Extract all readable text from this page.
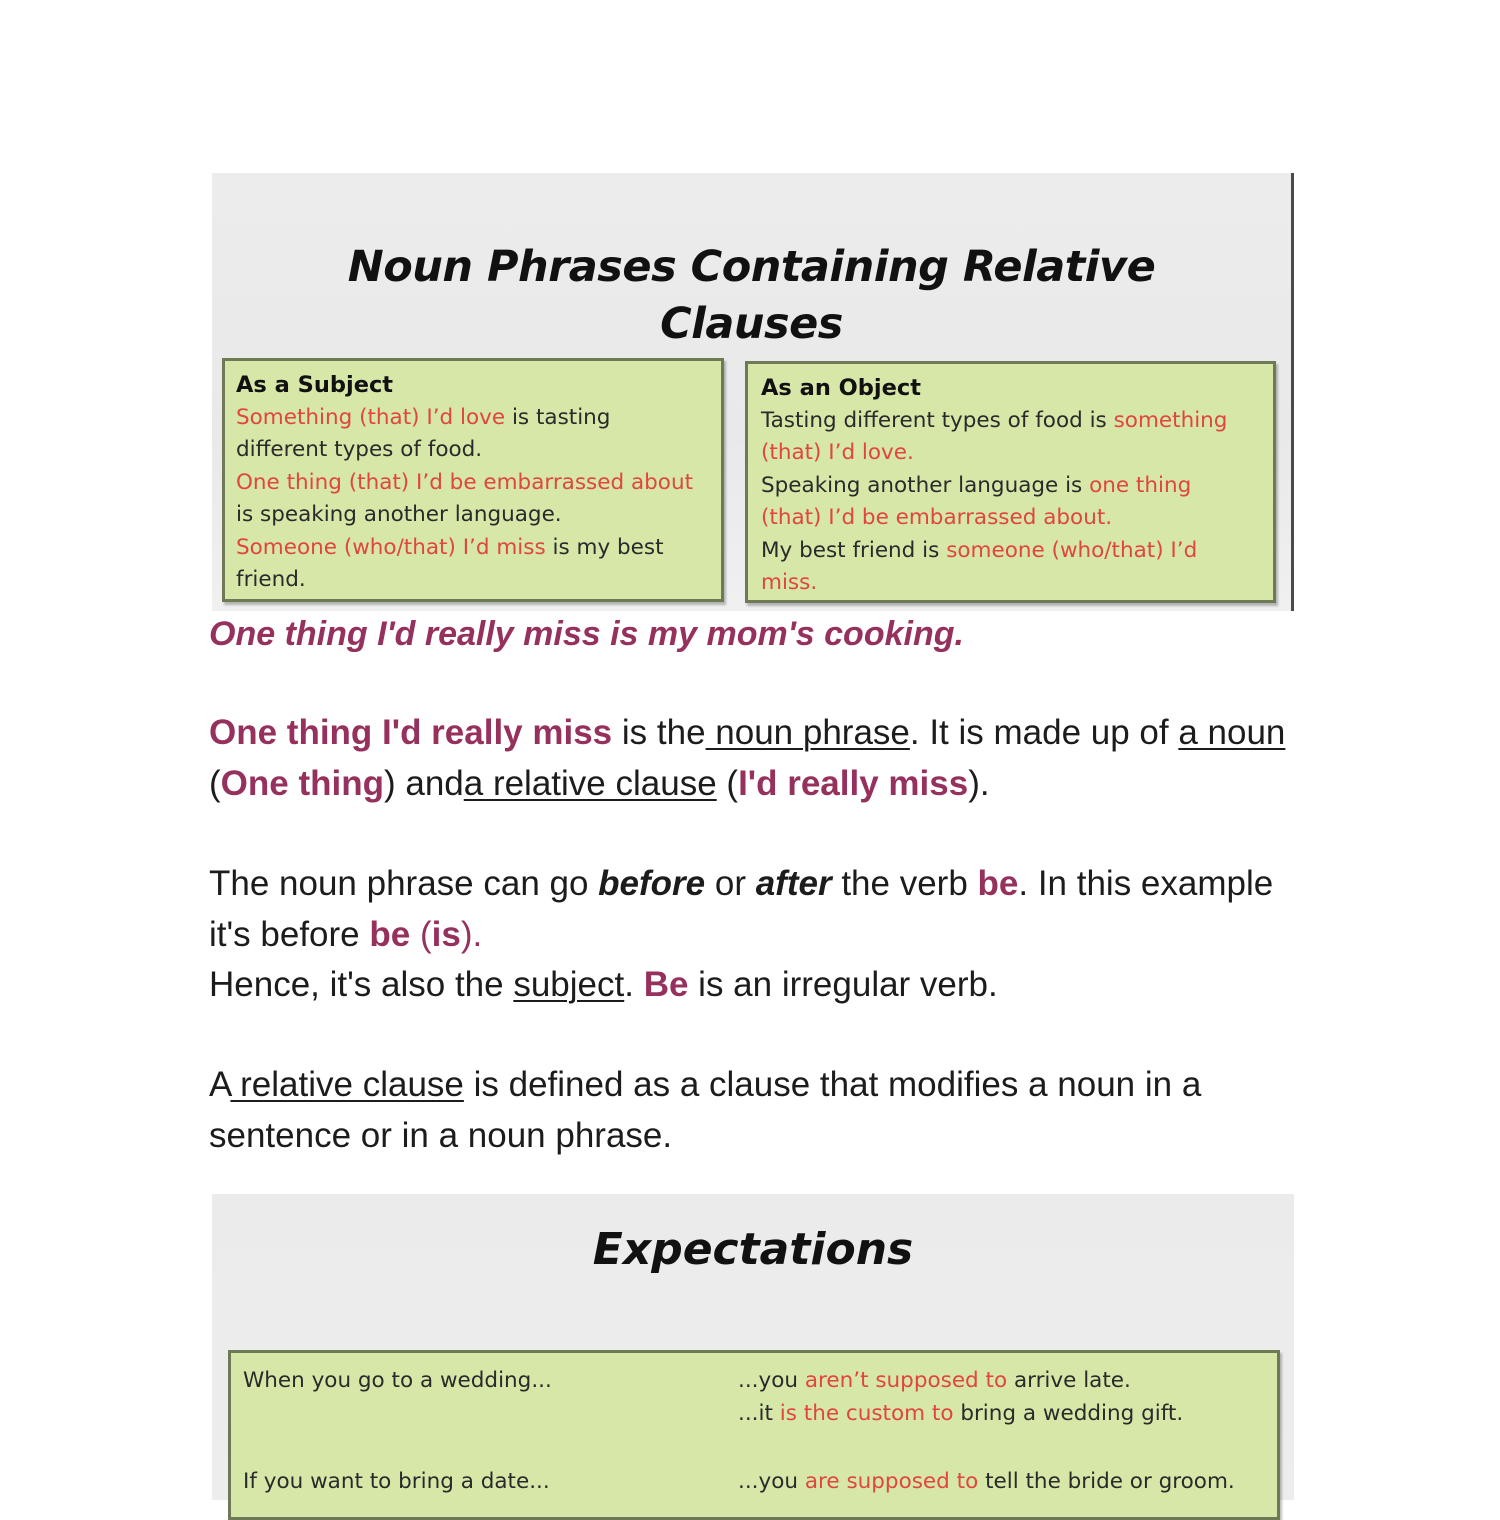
Noun Phrases Containing Relative
Clauses
As a Subject
Something (that) I’d love is tasting
different types of food.
One thing (that) I’d be embarrassed about
is speaking another language.
Someone (who/that) I’d miss is my best
friend.
As an Object
Tasting different types of food is something
(that) I’d love.
Speaking another language is one thing
(that) I’d be embarrassed about.
My best friend is someone (who/that) I’d
miss.
One thing I'd really miss is my mom's cooking.
One thing I'd really miss is the noun phrase. It is made up of a noun (One thing) anda relative clause (I'd really miss).
The noun phrase can go before or after the verb be. In this example it's before be (is).
Hence, it's also the subject. Be is an irregular verb.
A relative clause is defined as a clause that modifies a noun in a sentence or in a noun phrase.
Expectations
When you go to a wedding...	...you aren’t supposed to arrive late.
...it is the custom to bring a wedding gift.
If you want to bring a date...	...you are supposed to tell the bride or groom.
